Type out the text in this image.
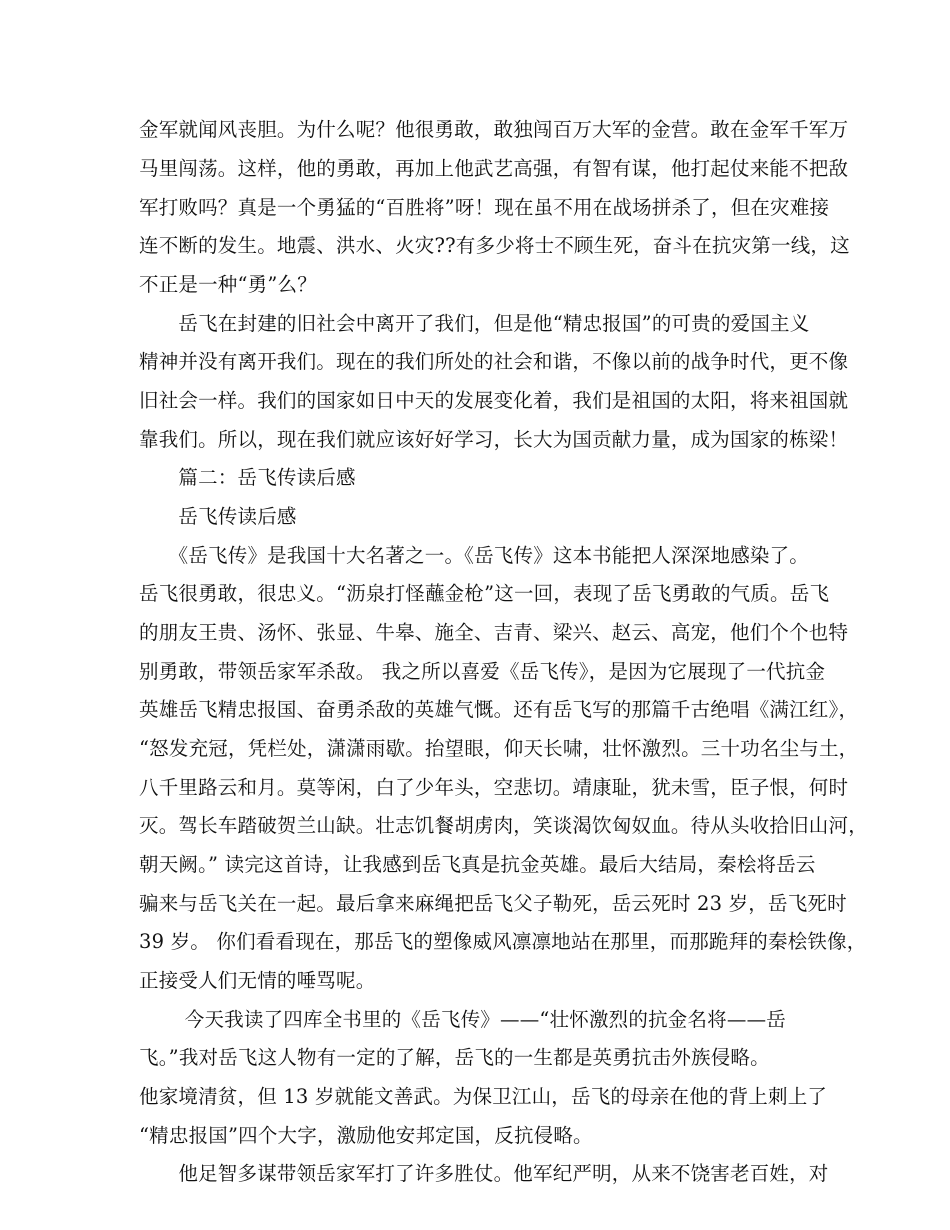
金军就闻风丧胆。为什么呢？他很勇敢，敢独闯百万大军的金营。敢在金军千军万
马里闯荡。这样，他的勇敢，再加上他武艺高强，有智有谋，他打起仗来能不把敌
军打败吗？真是一个勇猛的“百胜将”呀！现在虽不用在战场拼杀了，但在灾难接
连不断的发生。地震、洪水、火灾??有多少将士不顾生死，奋斗在抗灾第一线，这
不正是一种“勇”么？
　　岳飞在封建的旧社会中离开了我们，但是他“精忠报国”的可贵的爱国主义
精神并没有离开我们。现在的我们所处的社会和谐，不像以前的战争时代，更不像
旧社会一样。我们的国家如日中天的发展变化着，我们是祖国的太阳，将来祖国就
靠我们。所以，现在我们就应该好好学习，长大为国贡献力量，成为国家的栋梁！
　　篇二：岳飞传读后感
　　岳飞传读后感
　　《岳飞传》是我国十大名著之一。《岳飞传》这本书能把人深深地感染了。
岳飞很勇敢，很忠义。“沥泉打怪蘸金枪”这一回，表现了岳飞勇敢的气质。岳飞
的朋友王贵、汤怀、张显、牛皋、施全、吉青、梁兴、赵云、高宠，他们个个也特
别勇敢，带领岳家军杀敌。 我之所以喜爱《岳飞传》，是因为它展现了一代抗金
英雄岳飞精忠报国、奋勇杀敌的英雄气慨。还有岳飞写的那篇千古绝唱《满江红》，
“怒发充冠，凭栏处，潇潇雨歇。抬望眼，仰天长啸，壮怀激烈。三十功名尘与土，
八千里路云和月。莫等闲，白了少年头，空悲切。靖康耻，犹未雪，臣子恨，何时
灭。驾长车踏破贺兰山缺。壮志饥餐胡虏肉，笑谈渴饮匈奴血。待从头收拾旧山河，
朝天阙。” 读完这首诗，让我感到岳飞真是抗金英雄。最后大结局，秦桧将岳云
骗来与岳飞关在一起。最后拿来麻绳把岳飞父子勒死，岳云死时 23 岁，岳飞死时
39 岁。 你们看看现在，那岳飞的塑像威风凛凛地站在那里，而那跪拜的秦桧铁像，
正接受人们无情的唾骂呢。
　　 今天我读了四库全书里的《岳飞传》——“壮怀激烈的抗金名将——岳
飞。”我对岳飞这人物有一定的了解，岳飞的一生都是英勇抗击外族侵略。
他家境清贫，但 13 岁就能文善武。为保卫江山，岳飞的母亲在他的背上刺上了
“精忠报国”四个大字，激励他安邦定国，反抗侵略。
　　他足智多谋带领岳家军打了许多胜仗。他军纪严明，从来不饶害老百姓，对
